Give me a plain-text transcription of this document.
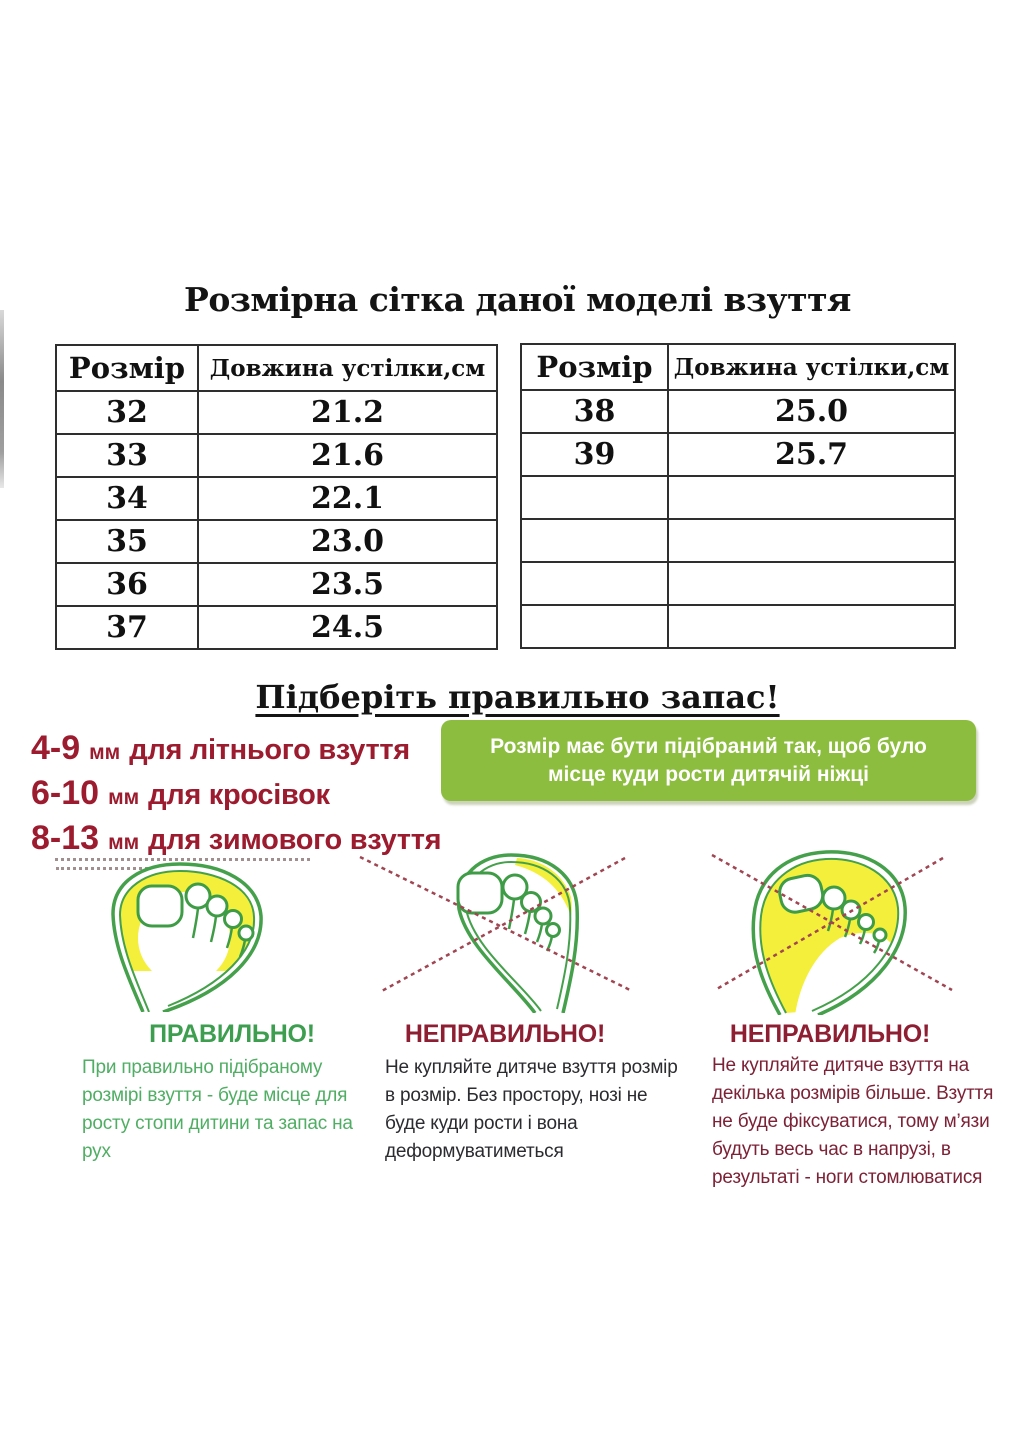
Розмірна сітка даної моделі взуття
Розмір	Довжина устілки,см
32	21.2
33	21.6
34	22.1
35	23.0
36	23.5
37	24.5
Розмір	Довжина устілки,см
38	25.0
39	25.7

Підберіть правильно запас!
4-9 мм для літнього взуття
6-10 мм для кросівок
8-13 мм для зимового взуття
Розмір має бути підібраний так, щоб було місце куди рости дитячій ніжці
ПРАВИЛЬНО!	НЕПРАВИЛЬНО!	НЕПРАВИЛЬНО!
При правильно підібраному розмірі взуття - буде місце для росту стопи дитини та запас на рух
Не купляйте дитяче взуття розмір в розмір. Без простору, нозі не буде куди рости і вона деформуватиметься
Не купляйте дитяче взуття на декілька розмірів більше. Взуття не буде фіксуватися, тому м’язи будуть весь час в напрузі, в результаті - ноги стомлюватися
